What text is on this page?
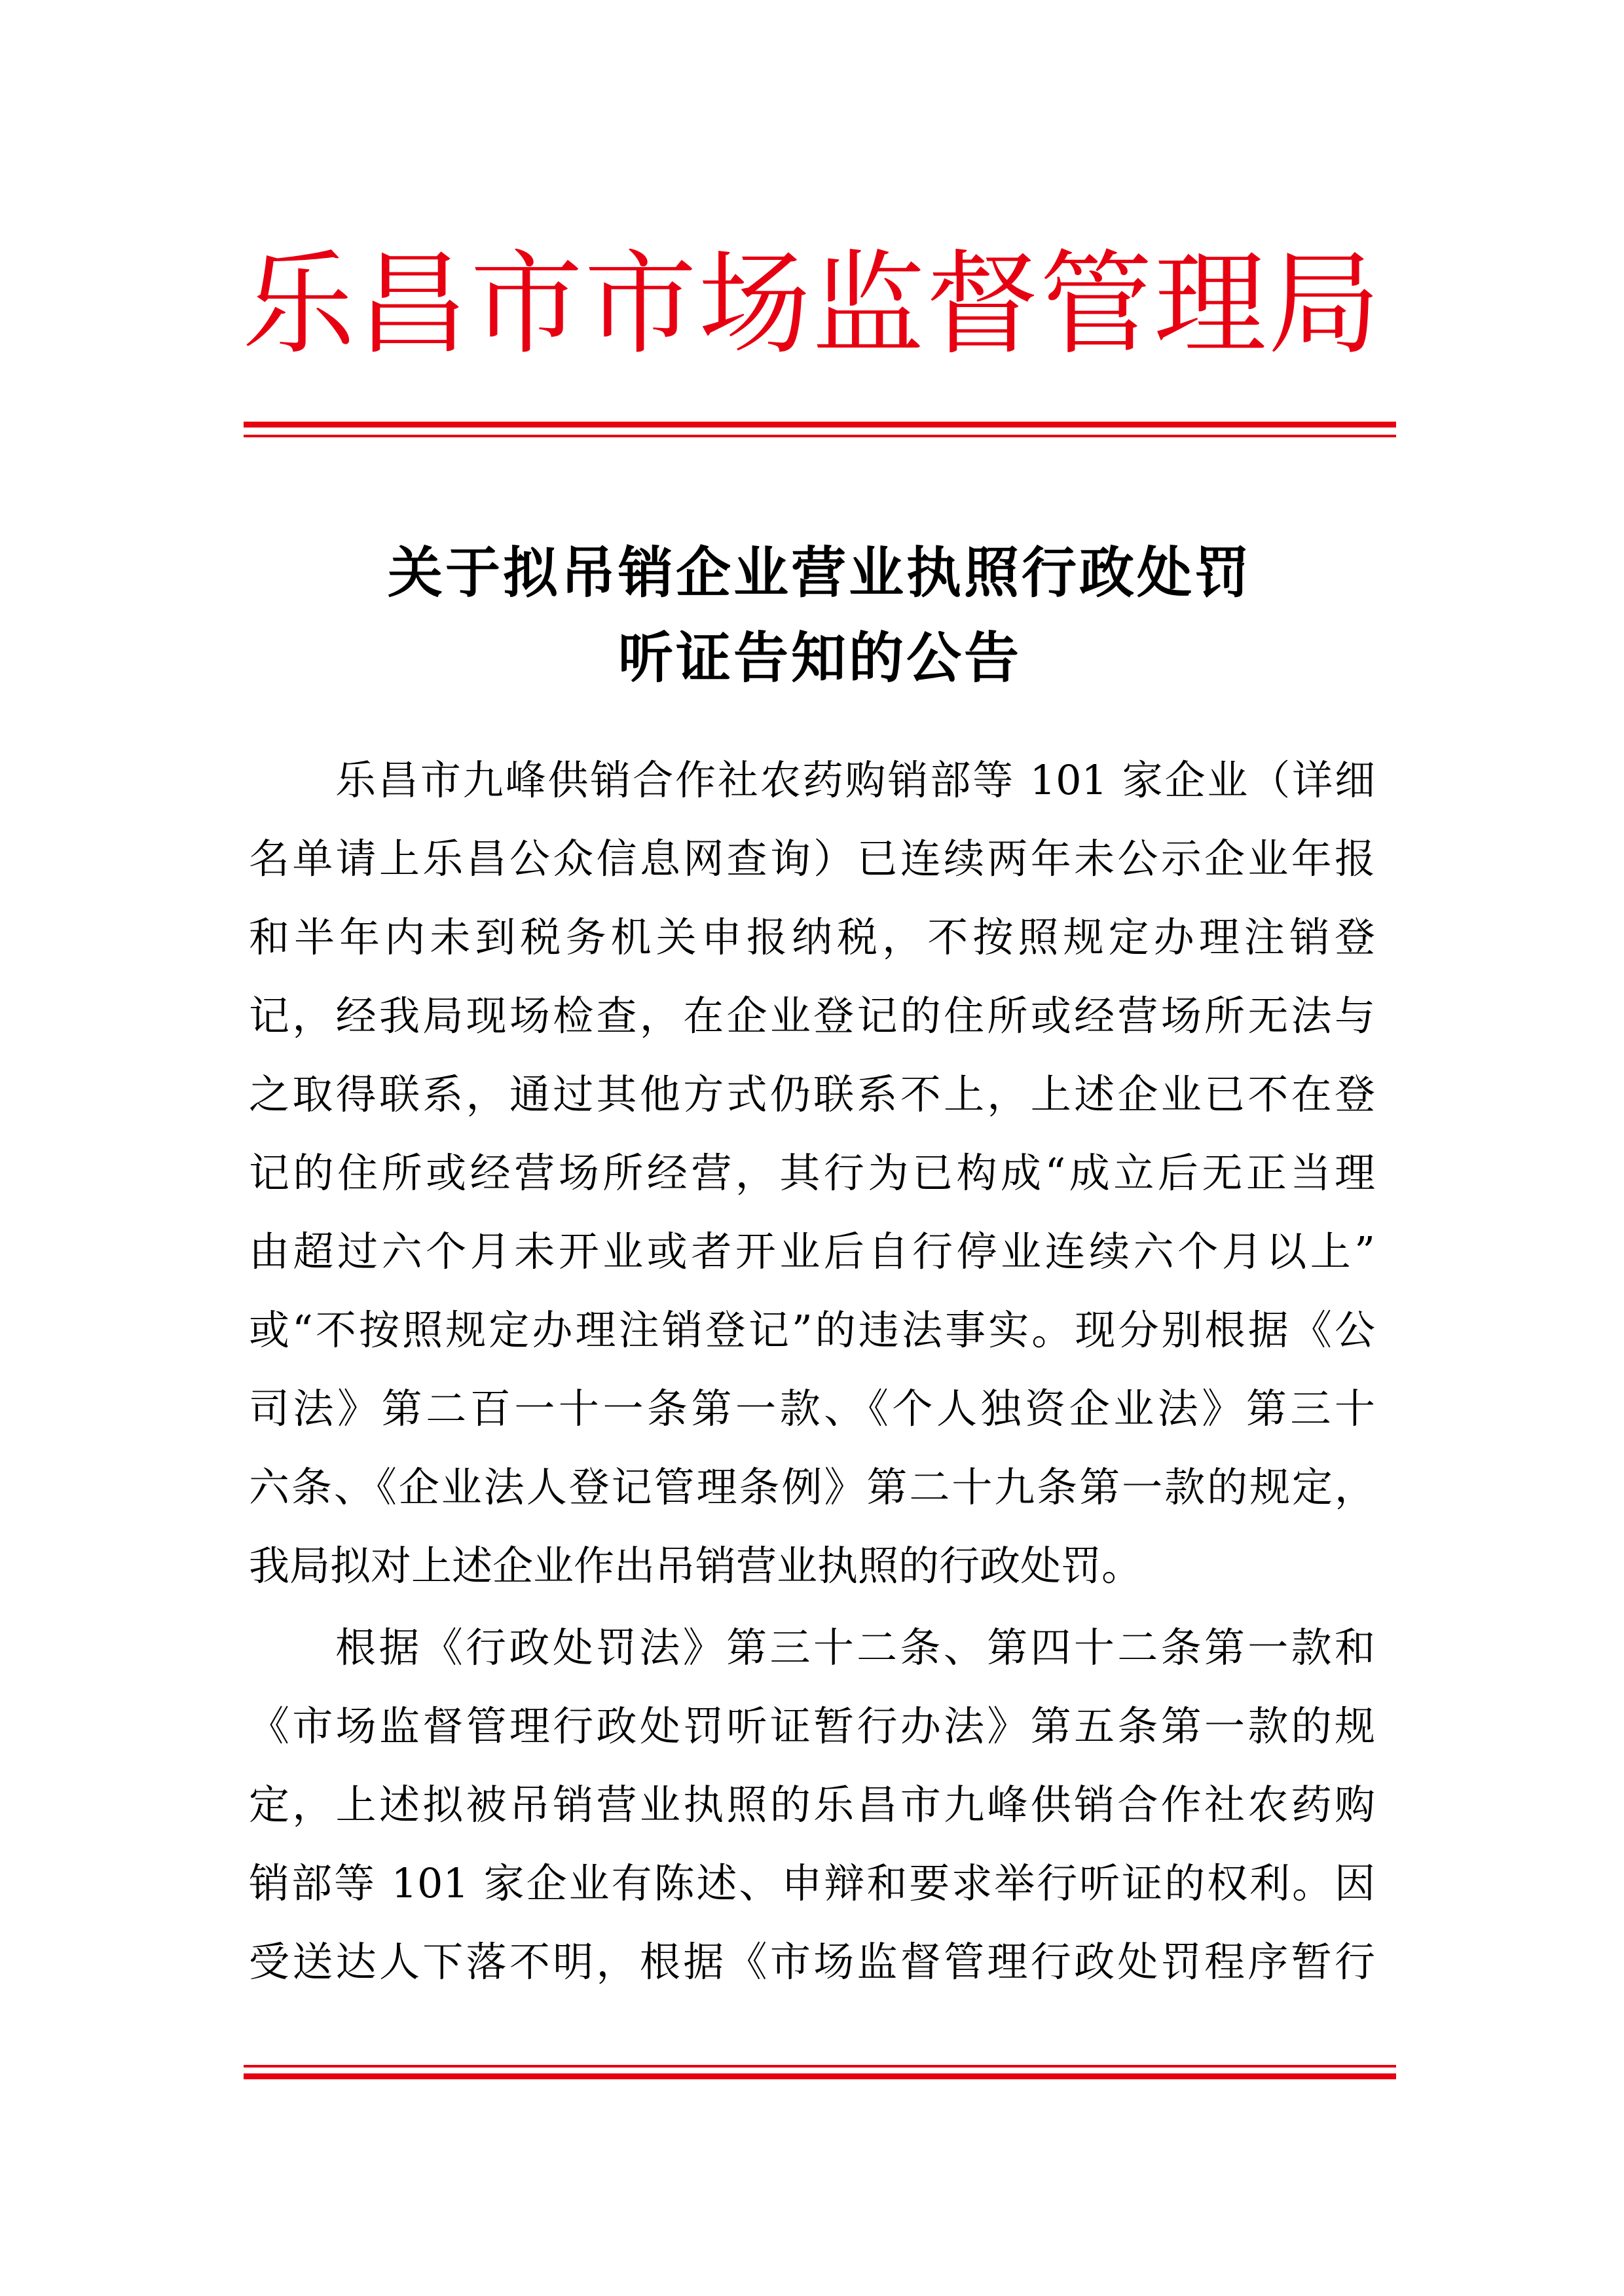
乐昌市市场监督管理局
关于拟吊销企业营业执照行政处罚
听证告知的公告
乐昌市九峰供销合作社农药购销部等 101 家企业（详细
名单请上乐昌公众信息网查询）已连续两年未公示企业年报
和半年内未到税务机关申报纳税，不按照规定办理注销登
记，经我局现场检查，在企业登记的住所或经营场所无法与
之取得联系，通过其他方式仍联系不上，上述企业已不在登
记的住所或经营场所经营，其行为已构成“成立后无正当理
由超过六个月未开业或者开业后自行停业连续六个月以上”
或“不按照规定办理注销登记”的违法事实。现分别根据《公
司法》第二百一十一条第一款、《个人独资企业法》第三十
六条、《企业法人登记管理条例》第二十九条第一款的规定，
我局拟对上述企业作出吊销营业执照的行政处罚。
根据《行政处罚法》第三十二条、第四十二条第一款和
《市场监督管理行政处罚听证暂行办法》第五条第一款的规
定，上述拟被吊销营业执照的乐昌市九峰供销合作社农药购
销部等 101 家企业有陈述、申辩和要求举行听证的权利。因
受送达人下落不明，根据《市场监督管理行政处罚程序暂行
